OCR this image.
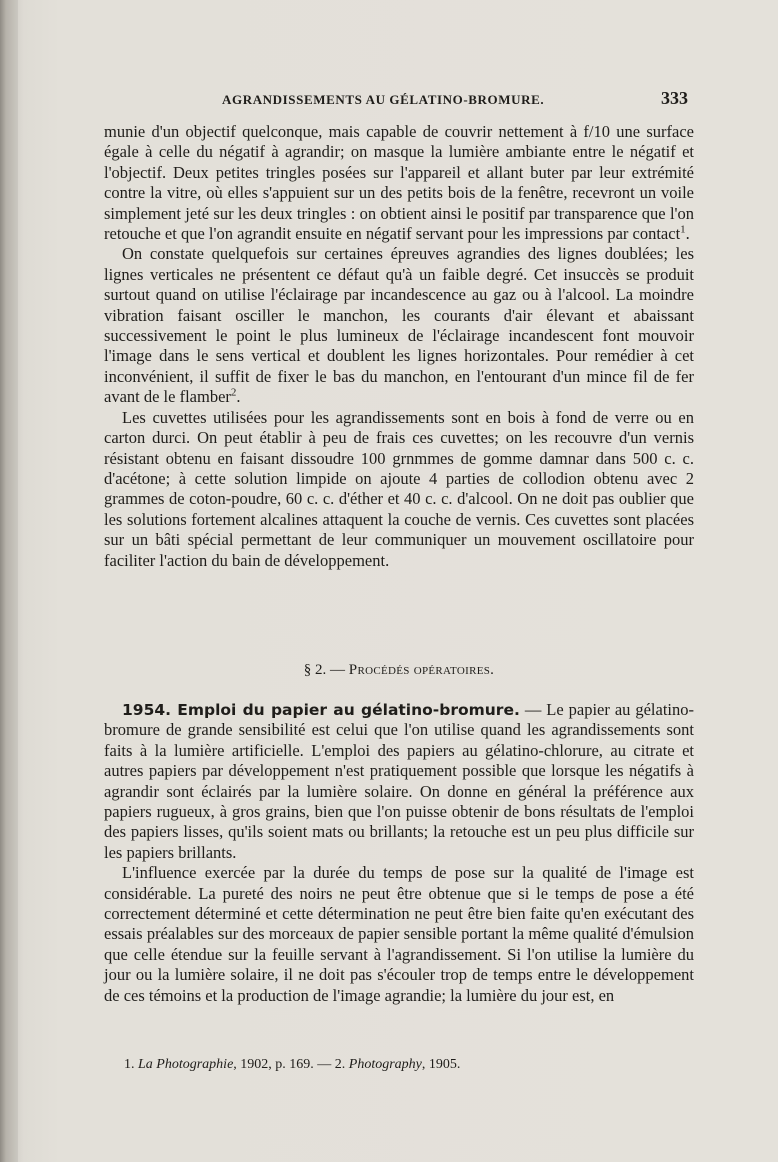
AGRANDISSEMENTS AU GÉLATINO-BROMURE.	333

munie d'un objectif quelconque, mais capable de couvrir nettement à f/10 une surface égale à celle du négatif à agrandir; on masque la lumière ambiante entre le négatif et l'objectif. Deux petites tringles posées sur l'appareil et allant buter par leur extrémité contre la vitre, où elles s'appuient sur un des petits bois de la fenêtre, recevront un voile simplement jeté sur les deux tringles : on obtient ainsi le positif par transparence que l'on retouche et que l'on agrandit ensuite en négatif servant pour les impressions par contact$^1$.

On constate quelquefois sur certaines épreuves agrandies des lignes doublées; les lignes verticales ne présentent ce défaut qu'à un faible degré. Cet insuccès se produit surtout quand on utilise l'éclairage par incandescence au gaz ou à l'alcool. La moindre vibration faisant osciller le manchon, les courants d'air élevant et abaissant successivement le point le plus lumineux de l'éclairage incandescent font mouvoir l'image dans le sens vertical et doublent les lignes horizontales. Pour remédier à cet inconvénient, il suffit de fixer le bas du manchon, en l'entourant d'un mince fil de fer avant de le flamber$^2$.

Les cuvettes utilisées pour les agrandissements sont en bois à fond de verre ou en carton durci. On peut établir à peu de frais ces cuvettes; on les recouvre d'un vernis résistant obtenu en faisant dissoudre 100 grnmmes de gomme damnar dans 500 c. c. d'acétone; à cette solution limpide on ajoute 4 parties de collodion obtenu avec 2 grammes de coton-poudre, 60 c. c. d'éther et 40 c. c. d'alcool. On ne doit pas oublier que les solutions fortement alcalines attaquent la couche de vernis. Ces cuvettes sont placées sur un bâti spécial permettant de leur communiquer un mouvement oscillatoire pour faciliter l'action du bain de développement.

§ 2. — Procédés opératoires.

1954. Emploi du papier au gélatino-bromure. — Le papier au gélatino-bromure de grande sensibilité est celui que l'on utilise quand les agrandissements sont faits à la lumière artificielle. L'emploi des papiers au gélatino-chlorure, au citrate et autres papiers par développement n'est pratiquement possible que lorsque les négatifs à agrandir sont éclairés par la lumière solaire. On donne en général la préférence aux papiers rugueux, à gros grains, bien que l'on puisse obtenir de bons résultats de l'emploi des papiers lisses, qu'ils soient mats ou brillants; la retouche est un peu plus difficile sur les papiers brillants.

L'influence exercée par la durée du temps de pose sur la qualité de l'image est considérable. La pureté des noirs ne peut être obtenue que si le temps de pose a été correctement déterminé et cette détermination ne peut être bien faite qu'en exécutant des essais préalables sur des morceaux de papier sensible portant la même qualité d'émulsion que celle étendue sur la feuille servant à l'agrandissement. Si l'on utilise la lumière du jour ou la lumière solaire, il ne doit pas s'écouler trop de temps entre le développement de ces témoins et la production de l'image agrandie; la lumière du jour est, en

1. La Photographie, 1902, p. 169. — 2. Photography, 1905.
